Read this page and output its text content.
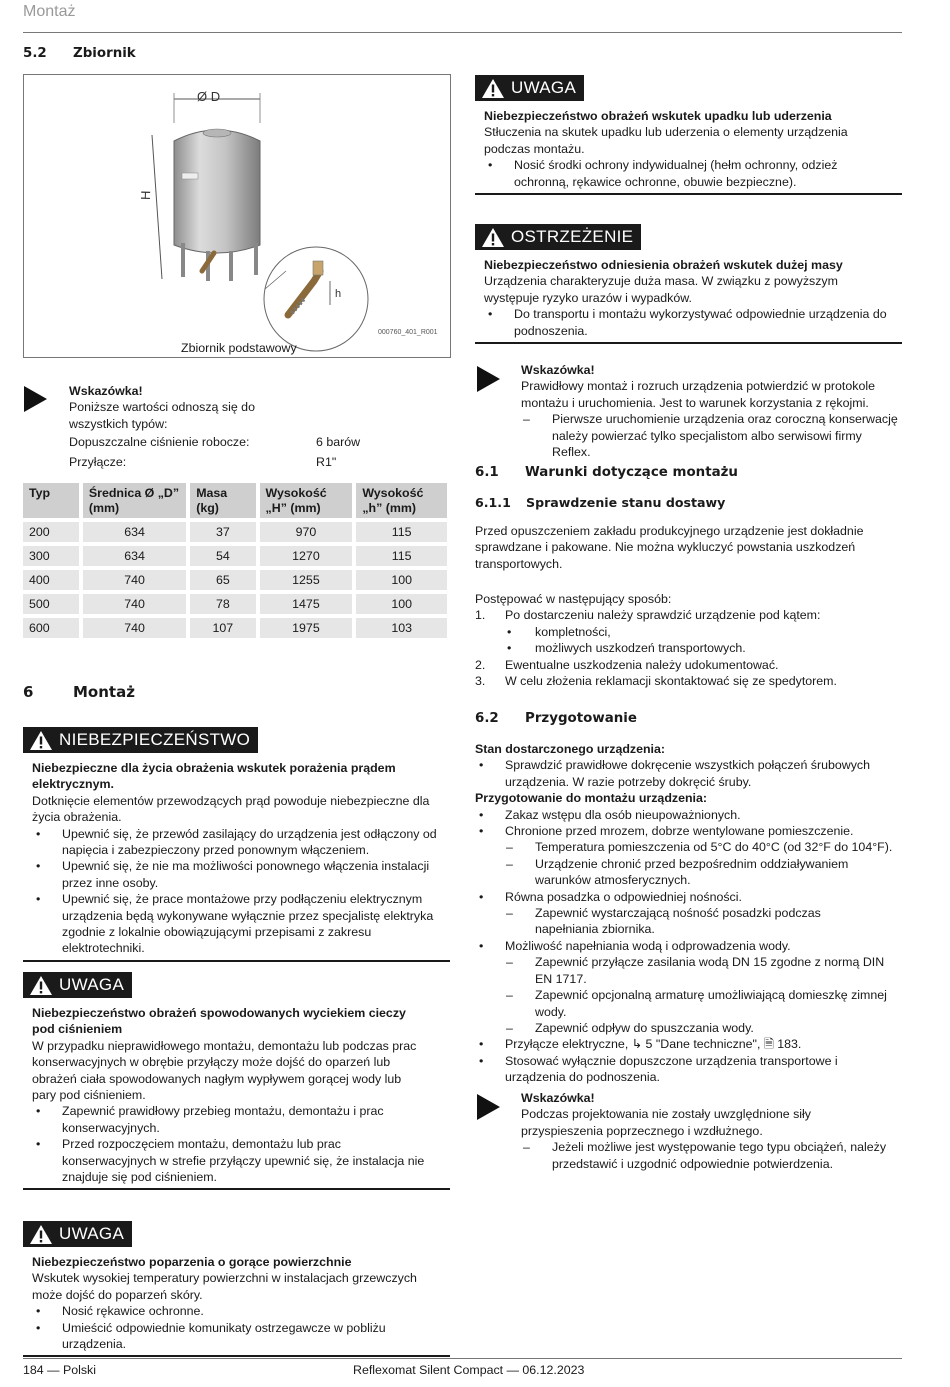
Montaż
184 — Polski	Reflexomat Silent Compact — 06.12.2023
5.2 Zbiornik
Ø D
H
h
000760_401_R001
Zbiornik podstawowy
Wskazówka!
Poniższe wartości odnoszą się do wszystkich typów:
Dopuszczalne ciśnienie robocze:	6 barów
Przyłącze:	R1"
Typ	Średnica Ø „D” (mm)	Masa (kg)	Wysokość „H” (mm)	Wysokość „h” (mm)
200	634	37	970	115
300	634	54	1270	115
400	740	65	1255	100
500	740	78	1475	100
600	740	107	1975	103
6	Montaż
NIEBEZPIECZEŃSTWO
Niebezpieczne dla życia obrażenia wskutek porażenia prądem elektrycznym.
Dotknięcie elementów przewodzących prąd powoduje niebezpieczne dla życia obrażenia.
• Upewnić się, że przewód zasilający do urządzenia jest odłączony od napięcia i zabezpieczony przed ponownym włączeniem.
• Upewnić się, że nie ma możliwości ponownego włączenia instalacji przez inne osoby.
• Upewnić się, że prace montażowe przy podłączeniu elektrycznym urządzenia będą wykonywane wyłącznie przez specjalistę elektryka zgodnie z lokalnie obowiązującymi przepisami z zakresu elektrotechniki.
UWAGA
Niebezpieczeństwo obrażeń spowodowanych wyciekiem cieczy pod ciśnieniem
W przypadku nieprawidłowego montażu, demontażu lub podczas prac konserwacyjnych w obrębie przyłączy może dojść do oparzeń lub obrażeń ciała spowodowanych nagłym wypływem gorącej wody lub pary pod ciśnieniem.
• Zapewnić prawidłowy przebieg montażu, demontażu i prac konserwacyjnych.
• Przed rozpoczęciem montażu, demontażu lub prac konserwacyjnych w strefie przyłączy upewnić się, że instalacja nie znajduje się pod ciśnieniem.
UWAGA
Niebezpieczeństwo poparzenia o gorące powierzchnie
Wskutek wysokiej temperatury powierzchni w instalacjach grzewczych może dojść do poparzeń skóry.
• Nosić rękawice ochronne.
• Umieścić odpowiednie komunikaty ostrzegawcze w pobliżu urządzenia.
UWAGA
Niebezpieczeństwo obrażeń wskutek upadku lub uderzenia
Stłuczenia na skutek upadku lub uderzenia o elementy urządzenia podczas montażu.
• Nosić środki ochrony indywidualnej (hełm ochronny, odzież ochronną, rękawice ochronne, obuwie bezpieczne).
OSTRZEŻENIE
Niebezpieczeństwo odniesienia obrażeń wskutek dużej masy
Urządzenia charakteryzuje duża masa. W związku z powyższym występuje ryzyko urazów i wypadków.
• Do transportu i montażu wykorzystywać odpowiednie urządzenia do podnoszenia.
Wskazówka!
Prawidłowy montaż i rozruch urządzenia potwierdzić w protokole montażu i uruchomienia. Jest to warunek korzystania z rękojmi.
– Pierwsze uruchomienie urządzenia oraz coroczną konserwację należy powierzać tylko specjalistom albo serwisowi firmy Reflex.
6.1 Warunki dotyczące montażu
6.1.1 Sprawdzenie stanu dostawy
Przed opuszczeniem zakładu produkcyjnego urządzenie jest dokładnie sprawdzane i pakowane. Nie można wykluczyć powstania uszkodzeń transportowych.
Postępować w następujący sposób:
1. Po dostarczeniu należy sprawdzić urządzenie pod kątem:
• kompletności,
• możliwych uszkodzeń transportowych.
2. Ewentualne uszkodzenia należy udokumentować.
3. W celu złożenia reklamacji skontaktować się ze spedytorem.
6.2 Przygotowanie
Stan dostarczonego urządzenia:
• Sprawdzić prawidłowe dokręcenie wszystkich połączeń śrubowych urządzenia. W razie potrzeby dokręcić śruby.
Przygotowanie do montażu urządzenia:
• Zakaz wstępu dla osób nieupoważnionych.
• Chronione przed mrozem, dobrze wentylowane pomieszczenie.
– Temperatura pomieszczenia od 5°C do 40°C (od 32°F do 104°F).
– Urządzenie chronić przed bezpośrednim oddziaływaniem warunków atmosferycznych.
• Równa posadzka o odpowiedniej nośności.
– Zapewnić wystarczającą nośność posadzki podczas napełniania zbiornika.
• Możliwość napełniania wodą i odprowadzenia wody.
– Zapewnić przyłącze zasilania wodą DN 15 zgodne z normą DIN EN 1717.
– Zapewnić opcjonalną armaturę umożliwiającą domieszkę zimnej wody.
– Zapewnić odpływ do spuszczania wody.
• Przyłącze elektryczne, ↳ 5 "Dane techniczne", 🗎 183.
• Stosować wyłącznie dopuszczone urządzenia transportowe i urządzenia do podnoszenia.
Wskazówka!
Podczas projektowania nie zostały uwzględnione siły przyspieszenia poprzecznego i wzdłużnego.
– Jeżeli możliwe jest występowanie tego typu obciążeń, należy przedstawić i uzgodnić odpowiednie potwierdzenia.
